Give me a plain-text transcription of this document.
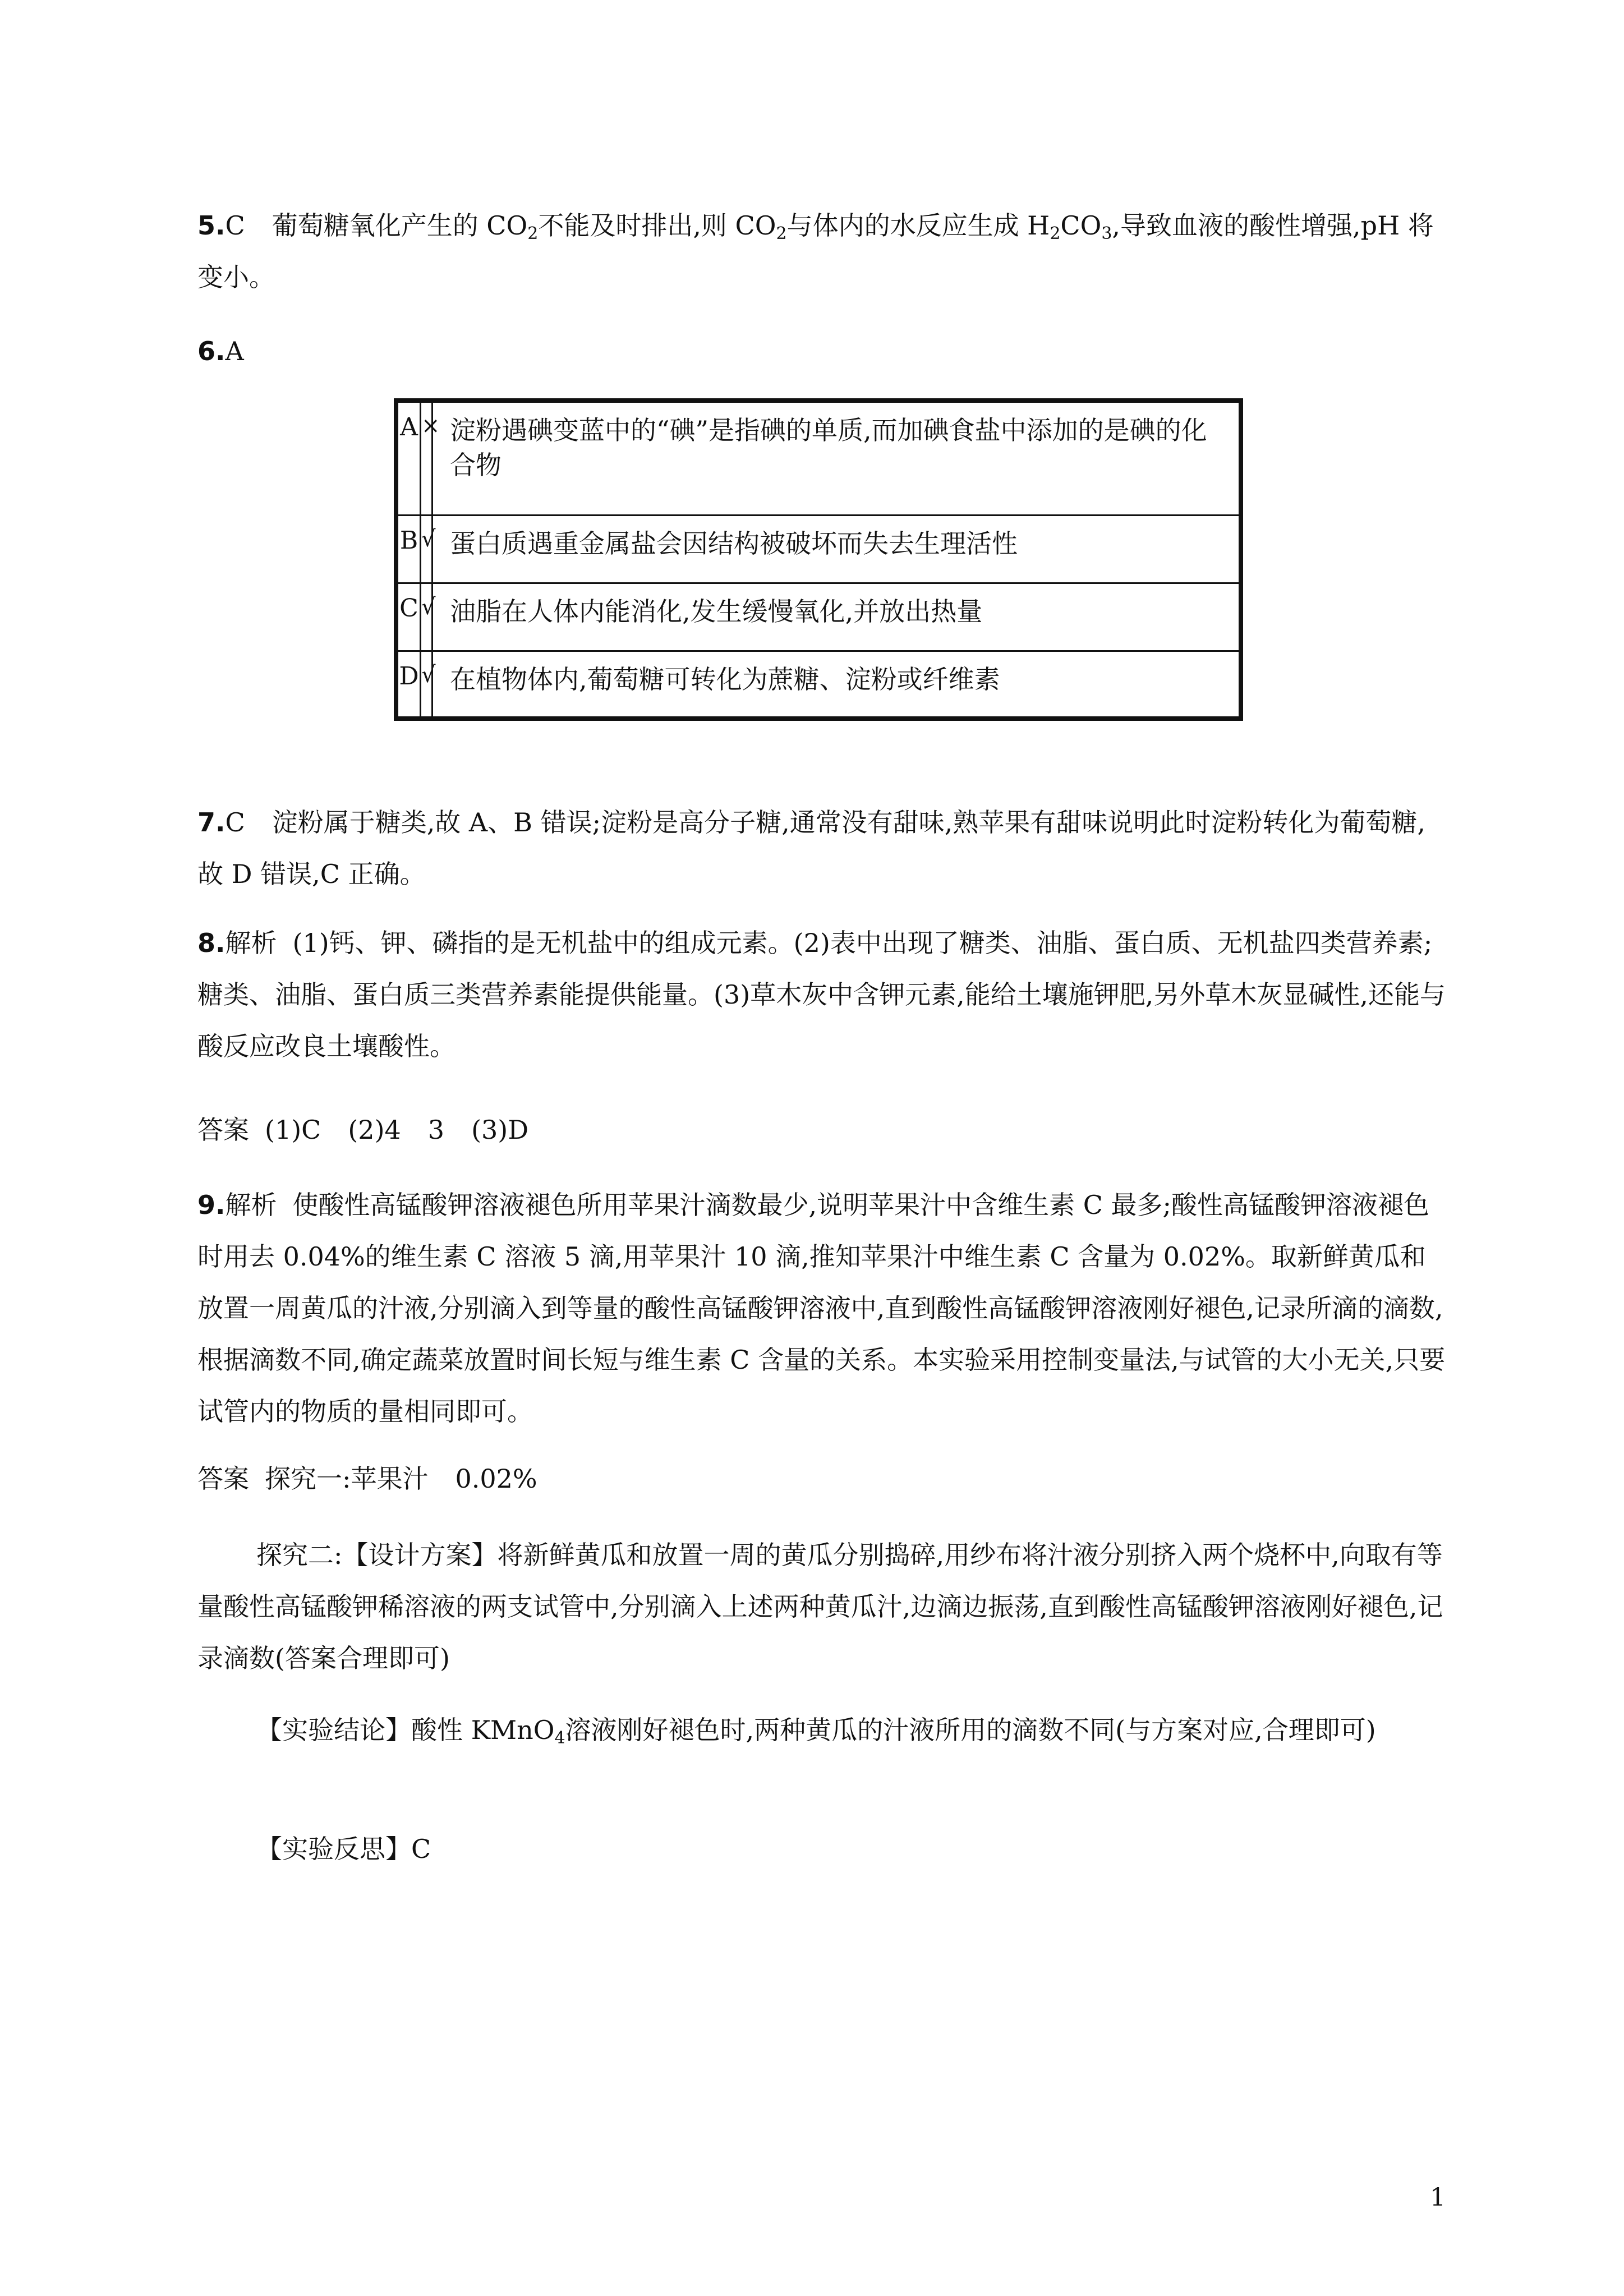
5.C 葡萄糖氧化产生的 $CO_2$不能及时排出,则 $CO_2$与体内的水反应生成 $H_2CO_3$,导致血液的酸性增强,pH 将变小。

6.A

A	×	淀粉遇碘变蓝中的“碘”是指碘的单质,而加碘食盐中添加的是碘的化合物
B	√	蛋白质遇重金属盐会因结构被破坏而失去生理活性
C	√	油脂在人体内能消化,发生缓慢氧化,并放出热量
D	√	在植物体内,葡萄糖可转化为蔗糖、淀粉或纤维素

7.C 淀粉属于糖类,故 A、B 错误;淀粉是高分子糖,通常没有甜味,熟苹果有甜味说明此时淀粉转化为葡萄糖,故 D 错误,C 正确。

8.解析 (1)钙、钾、磷指的是无机盐中的组成元素。(2)表中出现了糖类、油脂、蛋白质、无机盐四类营养素;糖类、油脂、蛋白质三类营养素能提供能量。(3)草木灰中含钾元素,能给土壤施钾肥,另外草木灰显碱性,还能与酸反应改良土壤酸性。

答案 (1)C (2)4 3 (3)D

9.解析 使酸性高锰酸钾溶液褪色所用苹果汁滴数最少,说明苹果汁中含维生素 C 最多;酸性高锰酸钾溶液褪色时用去 0.04%的维生素 C 溶液 5 滴,用苹果汁 10 滴,推知苹果汁中维生素 C 含量为 0.02%。取新鲜黄瓜和放置一周黄瓜的汁液,分别滴入到等量的酸性高锰酸钾溶液中,直到酸性高锰酸钾溶液刚好褪色,记录所滴的滴数,根据滴数不同,确定蔬菜放置时间长短与维生素 C 含量的关系。本实验采用控制变量法,与试管的大小无关,只要试管内的物质的量相同即可。

答案 探究一:苹果汁 0.02%

探究二:【设计方案】将新鲜黄瓜和放置一周的黄瓜分别捣碎,用纱布将汁液分别挤入两个烧杯中,向取有等量酸性高锰酸钾稀溶液的两支试管中,分别滴入上述两种黄瓜汁,边滴边振荡,直到酸性高锰酸钾溶液刚好褪色,记录滴数(答案合理即可)

【实验结论】酸性 KMnO$_4$溶液刚好褪色时,两种黄瓜的汁液所用的滴数不同(与方案对应,合理即可)

【实验反思】C

1
